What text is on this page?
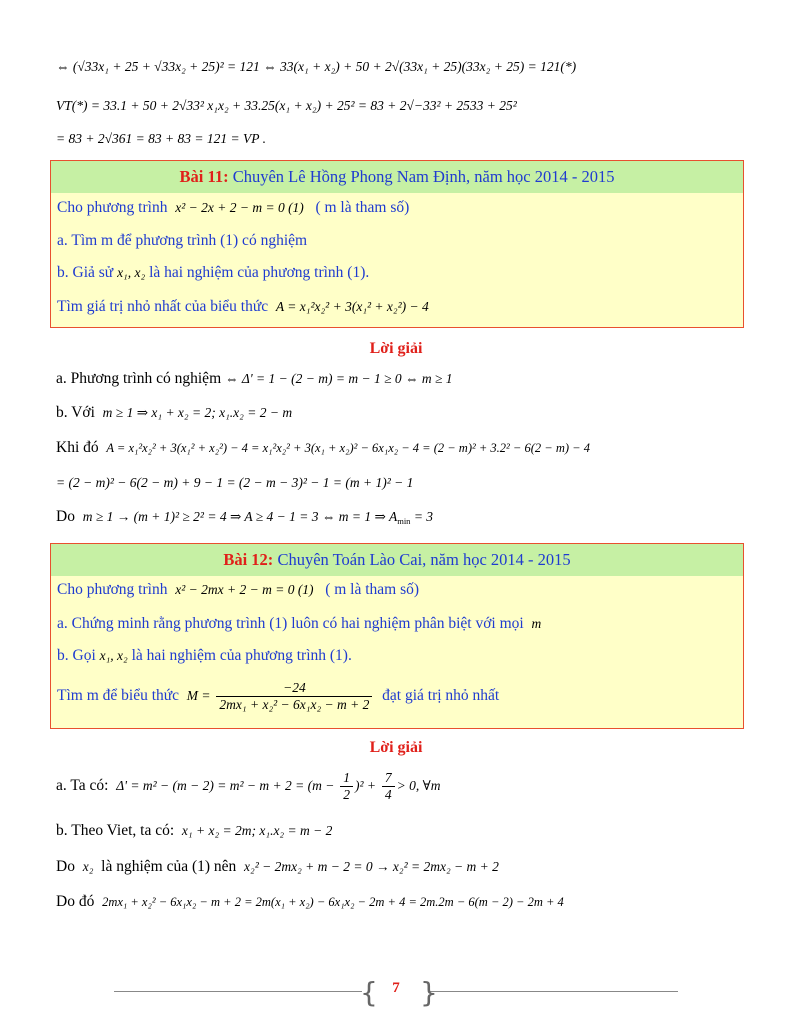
⇔ (√33x₁ + 25 + √33x₂ + 25)² = 121 ⇔ 33(x₁ + x₂) + 50 + 2√(33x₁ + 25)(33x₂ + 25) = 121(*)
VT(*) = 33.1 + 50 + 2√33² x₁x₂ + 33.25(x₁ + x₂) + 25² = 83 + 2√−33² + 2533 + 25²
= 83 + 2√361 = 83 + 83 = 121 = VP .
Bài 11: Chuyên Lê Hồng Phong Nam Định, năm học 2014 - 2015
Cho phương trình x² − 2x + 2 − m = 0 (1) ( m là tham số)
a. Tìm m để phương trình (1) có nghiệm
b. Giả sử x₁, x₂ là hai nghiệm của phương trình (1).
Tìm giá trị nhỏ nhất của biểu thức A = x₁²x₂² + 3(x₁² + x₂²) − 4
Lời giải
a. Phương trình có nghiệm ⇔ Δ' = 1 − (2 − m) = m − 1 ≥ 0 ⇔ m ≥ 1
b. Với m ≥ 1 ⇒ x₁ + x₂ = 2; x₁.x₂ = 2 − m
Khi đó A = x₁²x₂² + 3(x₁² + x₂²) − 4 = x₁²x₂² + 3(x₁ + x₂)² − 6x₁x₂ − 4 = (2 − m)² + 3.2² − 6(2 − m) − 4
= (2 − m)² − 6(2 − m) + 9 − 1 = (2 − m − 3)² − 1 = (m + 1)² − 1
Do m ≥ 1 → (m + 1)² ≥ 2² = 4 ⇒ A ≥ 4 − 1 = 3 ⇔ m = 1 ⇒ $A_{min} = 3$
Bài 12: Chuyên Toán Lào Cai, năm học 2014 - 2015
Cho phương trình x² − 2mx + 2 − m = 0 (1) ( m là tham số)
a. Chứng minh rằng phương trình (1) luôn có hai nghiệm phân biệt với mọi m
b. Gọi x₁, x₂ là hai nghiệm của phương trình (1).
Tìm m để biểu thức $M = \frac{-24}{\text{2mx₁ + x₂² − 6x₁x₂ − m + 2}}$ đạt giá trị nhỏ nhất
Lời giải
a. Ta có: $\Delta' = m^2 - (m - 2) = m^2 - m + 2 = (m - \frac{1}{2} )^2 + \frac{7}{4} > 0$, ∀m
b. Theo Viet, ta có: x₁ + x₂ = 2m; x₁.x₂ = m − 2
Do x₂ là nghiệm của (1) nên x₂² − 2mx₂ + m − 2 = 0 → x₂² = 2mx₂ − m + 2
Do đó 2mx₁ + x₂² − 6x₁x₂ − m + 2 = 2m(x₁ + x₂) − 6x₁x₂ − 2m + 4 = 2m.2m − 6(m − 2) − 2m + 4
{ }
7
